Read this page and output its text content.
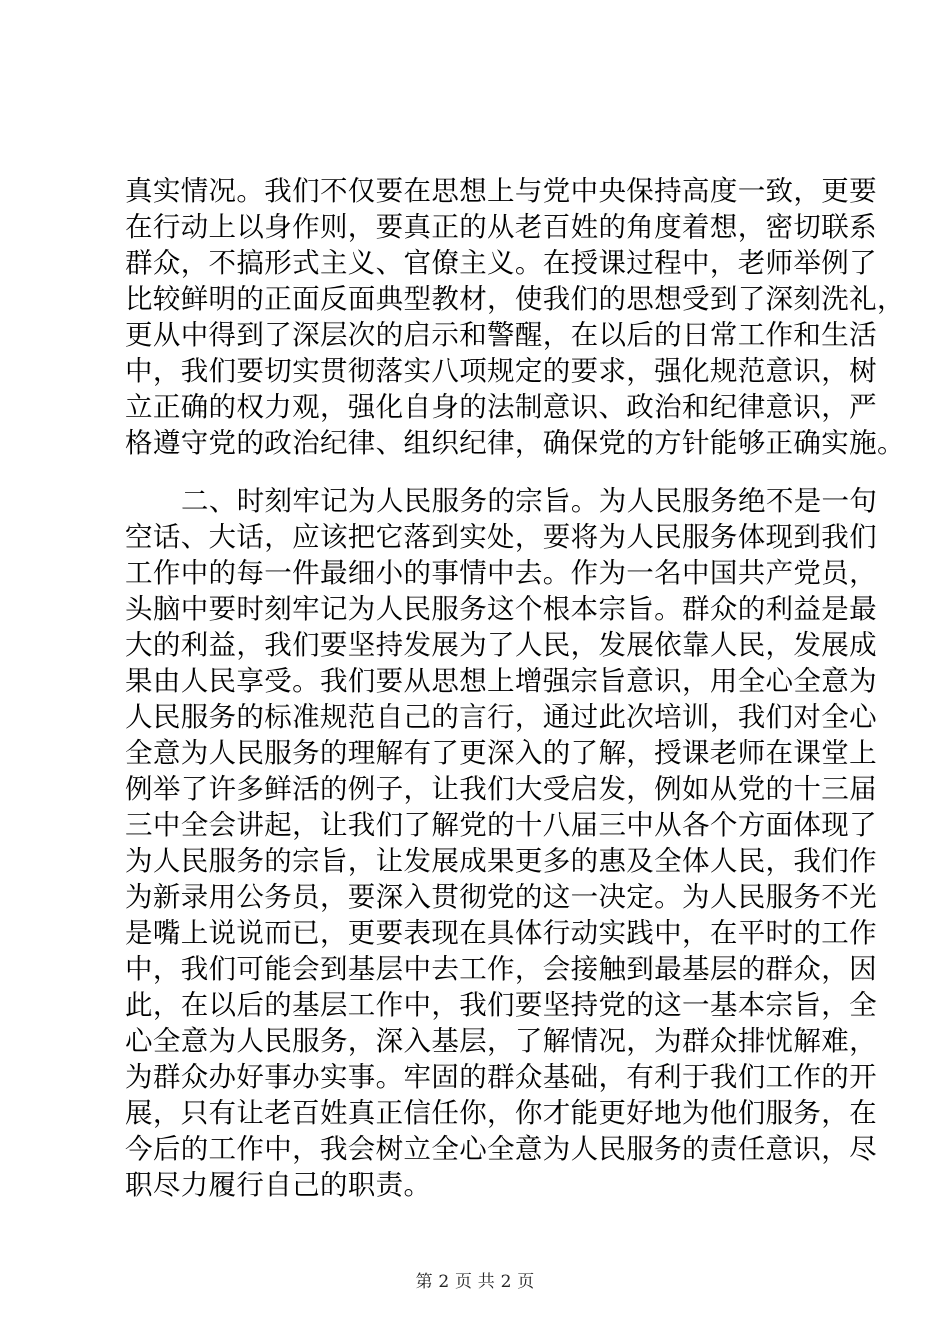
真实情况。我们不仅要在思想上与党中央保持高度一致，更要
在行动上以身作则，要真正的从老百姓的角度着想，密切联系
群众，不搞形式主义、官僚主义。在授课过程中，老师举例了
比较鲜明的正面反面典型教材，使我们的思想受到了深刻洗礼，
更从中得到了深层次的启示和警醒，在以后的日常工作和生活
中，我们要切实贯彻落实八项规定的要求，强化规范意识，树
立正确的权力观，强化自身的法制意识、政治和纪律意识，严
格遵守党的政治纪律、组织纪律，确保党的方针能够正确实施。
二、时刻牢记为人民服务的宗旨。为人民服务绝不是一句
空话、大话，应该把它落到实处，要将为人民服务体现到我们
工作中的每一件最细小的事情中去。作为一名中国共产党员，
头脑中要时刻牢记为人民服务这个根本宗旨。群众的利益是最
大的利益，我们要坚持发展为了人民，发展依靠人民，发展成
果由人民享受。我们要从思想上增强宗旨意识，用全心全意为
人民服务的标准规范自己的言行，通过此次培训，我们对全心
全意为人民服务的理解有了更深入的了解，授课老师在课堂上
例举了许多鲜活的例子，让我们大受启发，例如从党的十三届
三中全会讲起，让我们了解党的十八届三中从各个方面体现了
为人民服务的宗旨，让发展成果更多的惠及全体人民，我们作
为新录用公务员，要深入贯彻党的这一决定。为人民服务不光
是嘴上说说而已，更要表现在具体行动实践中，在平时的工作
中，我们可能会到基层中去工作，会接触到最基层的群众，因
此，在以后的基层工作中，我们要坚持党的这一基本宗旨，全
心全意为人民服务，深入基层，了解情况，为群众排忧解难，
为群众办好事办实事。牢固的群众基础，有利于我们工作的开
展，只有让老百姓真正信任你，你才能更好地为他们服务，在
今后的工作中，我会树立全心全意为人民服务的责任意识，尽
职尽力履行自己的职责。
第 2 页 共 2 页
